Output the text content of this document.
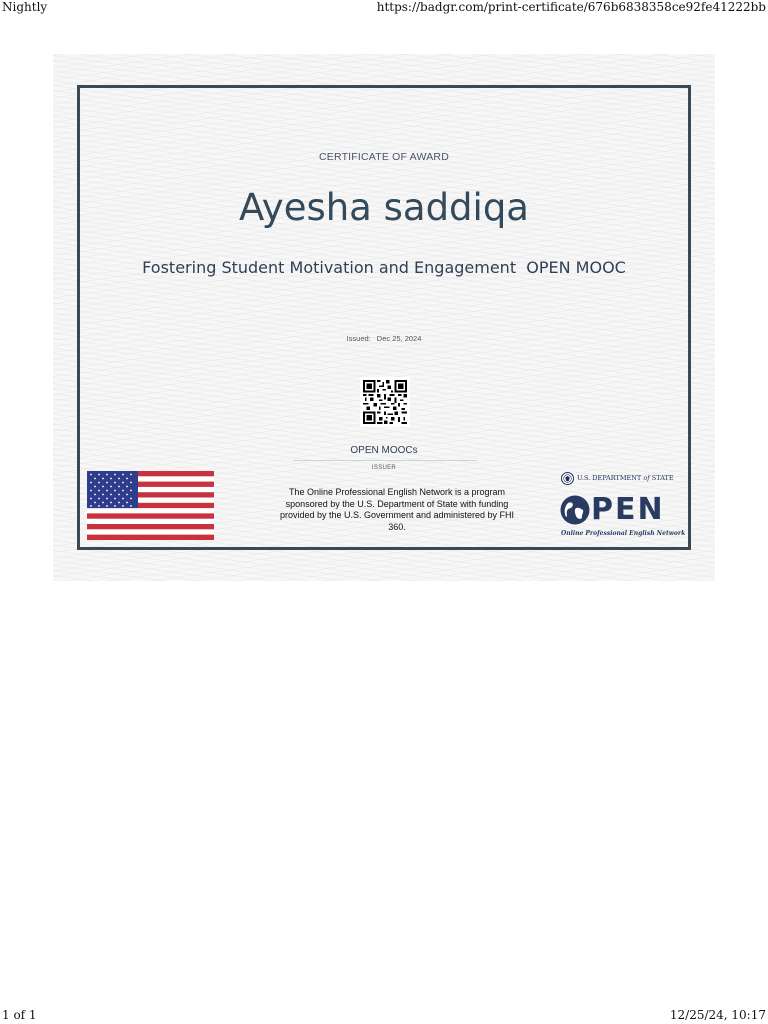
Nightly	https://badgr.com/print-certificate/676b6838358ce92fe41222bb
CERTIFICATE OF AWARD
Ayesha saddiqa
Fostering Student Motivation and Engagement  OPEN MOOC
Issued: Dec 25, 2024
OPEN MOOCs
ISSUER
The Online Professional English Network is a program sponsored by the U.S. Department of State with funding provided by the U.S. Government and administered by FHI 360.
U.S. DEPARTMENT of STATE
PEN
Online Professional English Network
1 of 1	12/25/24, 10:17
